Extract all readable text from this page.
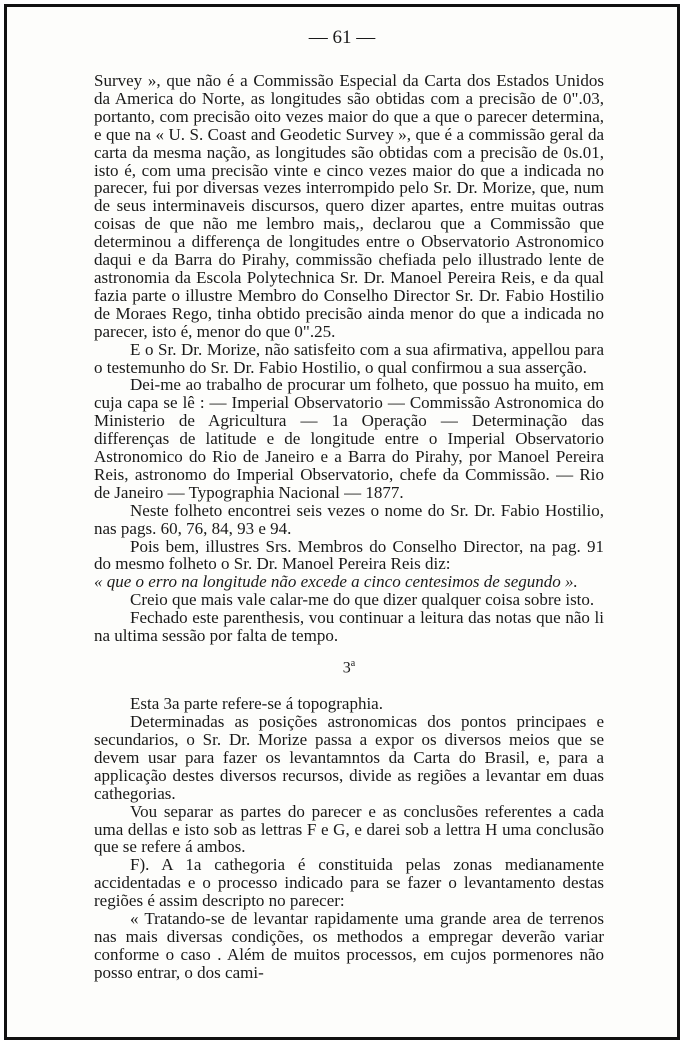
— 61 —

Survey », que não é a Commissão Especial da Carta dos Estados Unidos da America do Norte, as longitudes são obtidas com a precisão de 0".03, portanto, com precisão oito vezes maior do que a que o parecer determina, e que na « U. S. Coast and Geodetic Survey », que é a commissão geral da carta da mesma nação, as longitudes são obtidas com a precisão de 0s.01, isto é, com uma precisão vinte e cinco vezes maior do que a indicada no parecer, fui por diversas vezes interrompido pelo Sr. Dr. Morize, que, num de seus interminaveis discursos, quero dizer apartes, entre muitas outras coisas de que não me lembro mais,, declarou que a Commissão que determinou a differença de longitudes entre o Observatorio Astronomico daqui e da Barra do Pirahy, commissão chefiada pelo illustrado lente de astronomia da Escola Polytechnica Sr. Dr. Manoel Pereira Reis, e da qual fazia parte o illustre Membro do Conselho Director Sr. Dr. Fabio Hostilio de Moraes Rego, tinha obtido precisão ainda menor do que a indicada no parecer, isto é, menor do que 0".25.

E o Sr. Dr. Morize, não satisfeito com a sua afirmativa, appellou para o testemunho do Sr. Dr. Fabio Hostilio, o qual confirmou a sua asserção.

Dei-me ao trabalho de procurar um folheto, que possuo ha muito, em cuja capa se lê : — Imperial Observatorio — Commissão Astronomica do Ministerio de Agricultura — 1a Operação — Determinação das differenças de latitude e de longitude entre o Imperial Observatorio Astronomico do Rio de Janeiro e a Barra do Pirahy, por Manoel Pereira Reis, astronomo do Imperial Observatorio, chefe da Commissão. — Rio de Janeiro — Typographia Nacional — 1877.

Neste folheto encontrei seis vezes o nome do Sr. Dr. Fabio Hostilio, nas pags. 60, 76, 84, 93 e 94.

Pois bem, illustres Srs. Membros do Conselho Director, na pag. 91 do mesmo folheto o Sr. Dr. Manoel Pereira Reis diz:

« que o erro na longitude não excede a cinco centesimos de segundo ».

Creio que mais vale calar-me do que dizer qualquer coisa sobre isto.

Fechado este parenthesis, vou continuar a leitura das notas que não li na ultima sessão por falta de tempo.

3$^a$

Esta 3a parte refere-se á topographia.

Determinadas as posições astronomicas dos pontos principaes e secundarios, o Sr. Dr. Morize passa a expor os diversos meios que se devem usar para fazer os levantamntos da Carta do Brasil, e, para a applicação destes diversos recursos, divide as regiões a levantar em duas cathegorias.

Vou separar as partes do parecer e as conclusões referentes a cada uma dellas e isto sob as lettras F e G, e darei sob a lettra H uma conclusão que se refere á ambos.

F). A 1a cathegoria é constituida pelas zonas medianamente accidentadas e o processo indicado para se fazer o levantamento destas regiões é assim descripto no parecer:

« Tratando-se de levantar rapidamente uma grande area de terrenos nas mais diversas condições, os methodos a empregar deverão variar conforme o caso . Além de muitos processos, em cujos pormenores não posso entrar, o dos cami-
